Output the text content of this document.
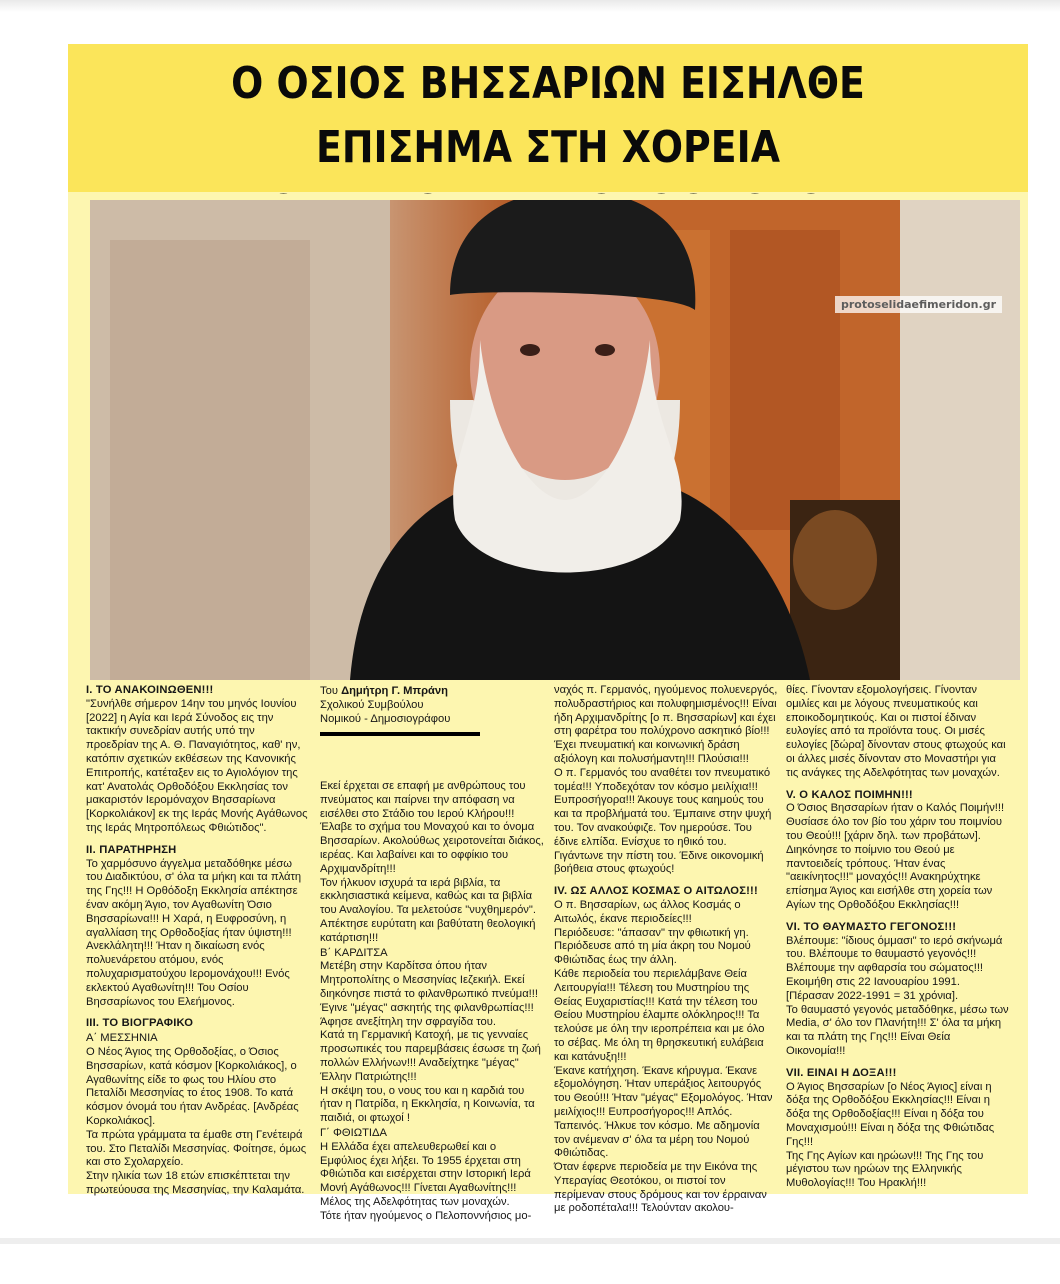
Ο ΟΣΙΟΣ ΒΗΣΣΑΡΙΩΝ ΕΙΣΗΛΘΕ ΕΠΙΣΗΜΑ ΣΤΗ ΧΟΡΕΙΑ

protoselidaefimeridon.gr

Ι. ΤΟ ΑΝΑΚΟΙΝΩΘΕΝ!!!

"Συνήλθε σήμερον 14ην του μηνός Ιουνίου [2022] η Αγία και Ιερά Σύνοδος εις την τακτικήν συνεδρίαν αυτής υπό την προεδρίαν της Α. Θ. Παναγιότητος, καθ' ην, κατόπιν σχετικών εκθέσεων της Κανονικής Επιτροπής, κατέταξεν εις το Αγιολόγιον της κατ' Ανατολάς Ορθοδόξου Εκκλησίας τον μακαριστόν Ιερομόναχον Βησσαρίωνα [Κορκολιάκον] εκ της Ιεράς Μονής Αγάθωνος της Ιεράς Μητροπόλεως Φθιώτιδος".

ΙΙ. ΠΑΡΑΤΗΡΗΣΗ

Το χαρμόσυνο άγγελμα μεταδόθηκε μέσω του Διαδικτύου, σ' όλα τα μήκη και τα πλάτη της Γης!!! Η Ορθόδοξη Εκκλησία απέκτησε έναν ακόμη Άγιο, τον Αγαθωνίτη Όσιο Βησσαρίωνα!!! Η Χαρά, η Ευφροσύνη, η αγαλλίαση της Ορθοδοξίας ήταν ύψιστη!!! Ανεκλάλητη!!! Ήταν η δικαίωση ενός πολυενάρετου ατόμου, ενός πολυχαρισματούχου Ιερομονάχου!!! Ενός εκλεκτού Αγαθωνίτη!!! Του Οσίου Βησσαρίωνος του Ελεήμονος.

ΙΙΙ. ΤΟ ΒΙΟΓΡΑΦΙΚΟ

Α΄ ΜΕΣΣΗΝΙΑ

Ο Νέος Άγιος της Ορθοδοξίας, ο Όσιος Βησσαρίων, κατά κόσμον [Κορκολιάκος], ο Αγαθωνίτης είδε το φως του Ηλίου στο Πεταλίδι Μεσσηνίας το έτος 1908. Το κατά κόσμον όνομά του ήταν Ανδρέας. [Ανδρέας Κορκολιάκος].

Τα πρώτα γράμματα τα έμαθε στη Γενέτειρά του. Στο Πεταλίδι Μεσσηνίας. Φοίτησε, όμως και στο Σχολαρχείο.

Στην ηλικία των 18 ετών επισκέπτεται την πρωτεύουσα της Μεσσηνίας, την Καλαμάτα.

Του Δημήτρη Γ. Μπράνη
Σχολικού Συμβούλου
Νομικού - Δημοσιογράφου

Εκεί έρχεται σε επαφή με ανθρώπους του πνεύματος και παίρνει την απόφαση να εισέλθει στο Στάδιο του Ιερού Κλήρου!!!

Έλαβε το σχήμα του Μοναχού και το όνομα Βησσαρίων. Ακολούθως χειροτονείται διάκος, ιερέας. Και λαβαίνει και το οφφίκιο του Αρχιμανδρίτη!!!

Τον ήλκυον ισχυρά τα ιερά βιβλία, τα εκκλησιαστικά κείμενα, καθώς και τα βιβλία του Αναλογίου. Τα μελετούσε "νυχθημερόν". Απέκτησε ευρύτατη και βαθύτατη θεολογική κατάρτιση!!!

Β΄ ΚΑΡΔΙΤΣΑ

Μετέβη στην Καρδίτσα όπου ήταν Μητροπολίτης ο Μεσσηνίας Ιεζεκιήλ. Εκεί διηκόνησε πιστά το φιλανθρωπικό πνεύμα!!! Έγινε "μέγας" ασκητής της φιλανθρωπίας!!! Άφησε ανεξίτηλη την σφραγίδα του.

Κατά τη Γερμανική Κατοχή, με τις γενναίες προσωπικές του παρεμβάσεις έσωσε τη ζωή πολλών Ελλήνων!!! Αναδείχτηκε "μέγας" Έλλην Πατριώτης!!!

Η σκέψη του, ο νους του και η καρδιά του ήταν η Πατρίδα, η Εκκλησία, η Κοινωνία, τα παιδιά, οι φτωχοί !

Γ΄ ΦΘΙΩΤΙΔΑ

Η Ελλάδα έχει απελευθερωθεί και ο Εμφύλιος έχει λήξει. Το 1955 έρχεται στη Φθιώτιδα και εισέρχεται στην Ιστορική Ιερά Μονή Αγάθωνος!!! Γίνεται Αγαθωνίτης!!! Μέλος της Αδελφότητας των μοναχών.

Τότε ήταν ηγούμενος ο Πελοποννήσιος μο-

ναχός π. Γερμανός, ηγούμενος πολυενεργός, πολυδραστήριος και πολυφημισμένος!!! Είναι ήδη Αρχιμανδρίτης [ο π. Βησσαρίων] και έχει στη φαρέτρα του πολύχρονο ασκητικό βίο!!! Έχει πνευματική και κοινωνική δράση αξιόλογη και πολυσήμαντη!!! Πλούσια!!!

Ο π. Γερμανός του αναθέτει τον πνευματικό τομέα!!! Υποδεχόταν τον κόσμο μειλίχια!!! Ευπροσήγορα!!! Άκουγε τους καημούς του και τα προβλήματά του. Έμπαινε στην ψυχή του. Τον ανακούφιζε. Τον ημερούσε. Του έδινε ελπίδα. Ενίσχυε το ηθικό του. Γιγάντωνε την πίστη του. Έδινε οικονομική βοήθεια στους φτωχούς!

IV. ΩΣ ΑΛΛΟΣ ΚΟΣΜΑΣ Ο ΑΙΤΩΛΟΣ!!!

Ο π. Βησσαρίων, ως άλλος Κοσμάς ο Αιτωλός, έκανε περιοδείες!!!

Περιόδευσε: "άπασαν" την φθιωτική γη. Περιόδευσε από τη μία άκρη του Νομού Φθιώτιδας έως την άλλη.

Κάθε περιοδεία του περιελάμβανε Θεία Λειτουργία!!! Τέλεση του Μυστηρίου της Θείας Ευχαριστίας!!! Κατά την τέλεση του Θείου Μυστηρίου έλαμπε ολόκληρος!!! Τα τελούσε με όλη την ιεροπρέπεια και με όλο το σέβας. Με όλη τη θρησκευτική ευλάβεια και κατάνυξη!!!

Έκανε κατήχηση. Έκανε κήρυγμα. Έκανε εξομολόγηση. Ήταν υπεράξιος λειτουργός του Θεού!!! Ήταν "μέγας" Εξομολόγος. Ήταν μειλίχιος!!! Ευπροσήγορος!!! Απλός. Ταπεινός. Ήλκυε τον κόσμο. Με αδημονία τον ανέμεναν σ' όλα τα μέρη του Νομού Φθιώτιδας.

Όταν έφερνε περιοδεία με την Εικόνα της Υπεραγίας Θεοτόκου, οι πιστοί τον περίμεναν στους δρόμους και τον έρραιναν με ροδοπέταλα!!! Τελούνταν ακολου-

θίες. Γίνονταν εξομολογήσεις. Γίνονταν ομιλίες και με λόγους πνευματικούς και εποικοδομητικούς. Και οι πιστοί έδιναν ευλογίες από τα προϊόντα τους. Οι μισές ευλογίες [δώρα] δίνονταν στους φτωχούς και οι άλλες μισές δίνονταν στο Μοναστήρι για τις ανάγκες της Αδελφότητας των μοναχών.

V. Ο ΚΑΛΟΣ ΠΟΙΜΗΝ!!!

Ο Όσιος Βησσαρίων ήταν ο Καλός Ποιμήν!!! Θυσίασε όλο τον βίο του χάριν του ποιμνίου του Θεού!!! [χάριν δηλ. των προβάτων].

Διηκόνησε το ποίμνιο του Θεού με παντοειδείς τρόπους. Ήταν ένας "αεικίνητος!!!" μοναχός!!! Ανακηρύχτηκε επίσημα Άγιος και εισήλθε στη χορεία των Αγίων της Ορθοδόξου Εκκλησίας!!!

VI. ΤΟ ΘΑΥΜΑΣΤΟ ΓΕΓΟΝΟΣ!!!

Βλέπουμε: "ίδιους όμμασι" το ιερό σκήνωμά του. Βλέπουμε το θαυμαστό γεγονός!!! Βλέπουμε την αφθαρσία του σώματος!!!

Εκοιμήθη στις 22 Ιανουαρίου 1991. [Πέρασαν 2022-1991 = 31 χρόνια].

Το θαυμαστό γεγονός μεταδόθηκε, μέσω των Media, σ' όλο τον Πλανήτη!!! Σ' όλα τα μήκη και τα πλάτη της Γης!!! Είναι Θεία Οικονομία!!!

VII. ΕΙΝΑΙ Η ΔΟΞΑ!!!

Ο Άγιος Βησσαρίων [ο Νέος Άγιος] είναι η δόξα της Ορθοδόξου Εκκλησίας!!! Είναι η δόξα της Ορθοδοξίας!!! Είναι η δόξα του Μοναχισμού!!! Είναι η δόξα της Φθιώτιδας Γης!!!

Της Γης Αγίων και ηρώων!!! Της Γης του μέγιστου των ηρώων της Ελληνικής Μυθολογίας!!! Του Ηρακλή!!!
